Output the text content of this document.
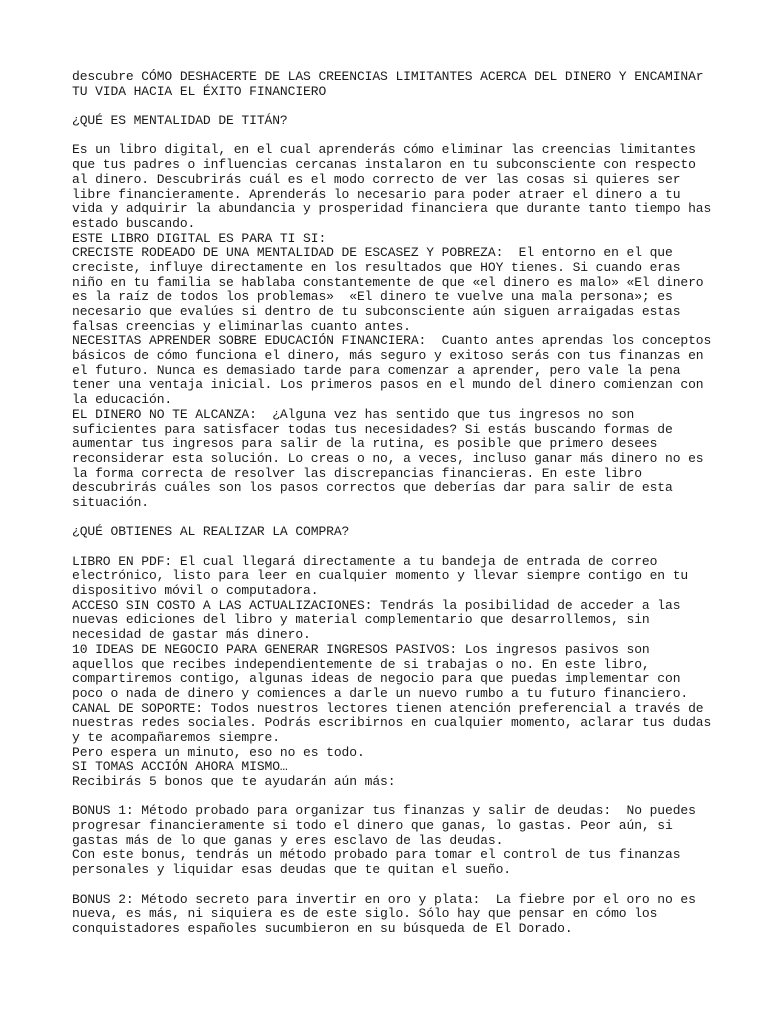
descubre CÓMO DESHACERTE DE LAS CREENCIAS LIMITANTES ACERCA DEL DINERO Y ENCAMINAr
TU VIDA HACIA EL ÉXITO FINANCIERO
¿QUÉ ES MENTALIDAD DE TITÁN?
Es un libro digital, en el cual aprenderás cómo eliminar las creencias limitantes
que tus padres o influencias cercanas instalaron en tu subconsciente con respecto
al dinero. Descubrirás cuál es el modo correcto de ver las cosas si quieres ser
libre financieramente. Aprenderás lo necesario para poder atraer el dinero a tu
vida y adquirir la abundancia y prosperidad financiera que durante tanto tiempo has
estado buscando.
ESTE LIBRO DIGITAL ES PARA TI SI:
CRECISTE RODEADO DE UNA MENTALIDAD DE ESCASEZ Y POBREZA:  El entorno en el que
creciste, influye directamente en los resultados que HOY tienes. Si cuando eras
niño en tu familia se hablaba constantemente de que «el dinero es malo» «El dinero
es la raíz de todos los problemas»  «El dinero te vuelve una mala persona»; es
necesario que evalúes si dentro de tu subconsciente aún siguen arraigadas estas
falsas creencias y eliminarlas cuanto antes.
NECESITAS APRENDER SOBRE EDUCACIÓN FINANCIERA:  Cuanto antes aprendas los conceptos
básicos de cómo funciona el dinero, más seguro y exitoso serás con tus finanzas en
el futuro. Nunca es demasiado tarde para comenzar a aprender, pero vale la pena
tener una ventaja inicial. Los primeros pasos en el mundo del dinero comienzan con
la educación.
EL DINERO NO TE ALCANZA:  ¿Alguna vez has sentido que tus ingresos no son
suficientes para satisfacer todas tus necesidades? Si estás buscando formas de
aumentar tus ingresos para salir de la rutina, es posible que primero desees
reconsiderar esta solución. Lo creas o no, a veces, incluso ganar más dinero no es
la forma correcta de resolver las discrepancias financieras. En este libro
descubrirás cuáles son los pasos correctos que deberías dar para salir de esta
situación.
¿QUÉ OBTIENES AL REALIZAR LA COMPRA?
LIBRO EN PDF: El cual llegará directamente a tu bandeja de entrada de correo
electrónico, listo para leer en cualquier momento y llevar siempre contigo en tu
dispositivo móvil o computadora.
ACCESO SIN COSTO A LAS ACTUALIZACIONES: Tendrás la posibilidad de acceder a las
nuevas ediciones del libro y material complementario que desarrollemos, sin
necesidad de gastar más dinero.
10 IDEAS DE NEGOCIO PARA GENERAR INGRESOS PASIVOS: Los ingresos pasivos son
aquellos que recibes independientemente de si trabajas o no. En este libro,
compartiremos contigo, algunas ideas de negocio para que puedas implementar con
poco o nada de dinero y comiences a darle un nuevo rumbo a tu futuro financiero.
CANAL DE SOPORTE: Todos nuestros lectores tienen atención preferencial a través de
nuestras redes sociales. Podrás escribirnos en cualquier momento, aclarar tus dudas
y te acompañaremos siempre.
Pero espera un minuto, eso no es todo.
SI TOMAS ACCIÓN AHORA MISMO…
Recibirás 5 bonos que te ayudarán aún más:
BONUS 1: Método probado para organizar tus finanzas y salir de deudas:  No puedes
progresar financieramente si todo el dinero que ganas, lo gastas. Peor aún, si
gastas más de lo que ganas y eres esclavo de las deudas.
Con este bonus, tendrás un método probado para tomar el control de tus finanzas
personales y liquidar esas deudas que te quitan el sueño.
BONUS 2: Método secreto para invertir en oro y plata:  La fiebre por el oro no es
nueva, es más, ni siquiera es de este siglo. Sólo hay que pensar en cómo los
conquistadores españoles sucumbieron en su búsqueda de El Dorado.
